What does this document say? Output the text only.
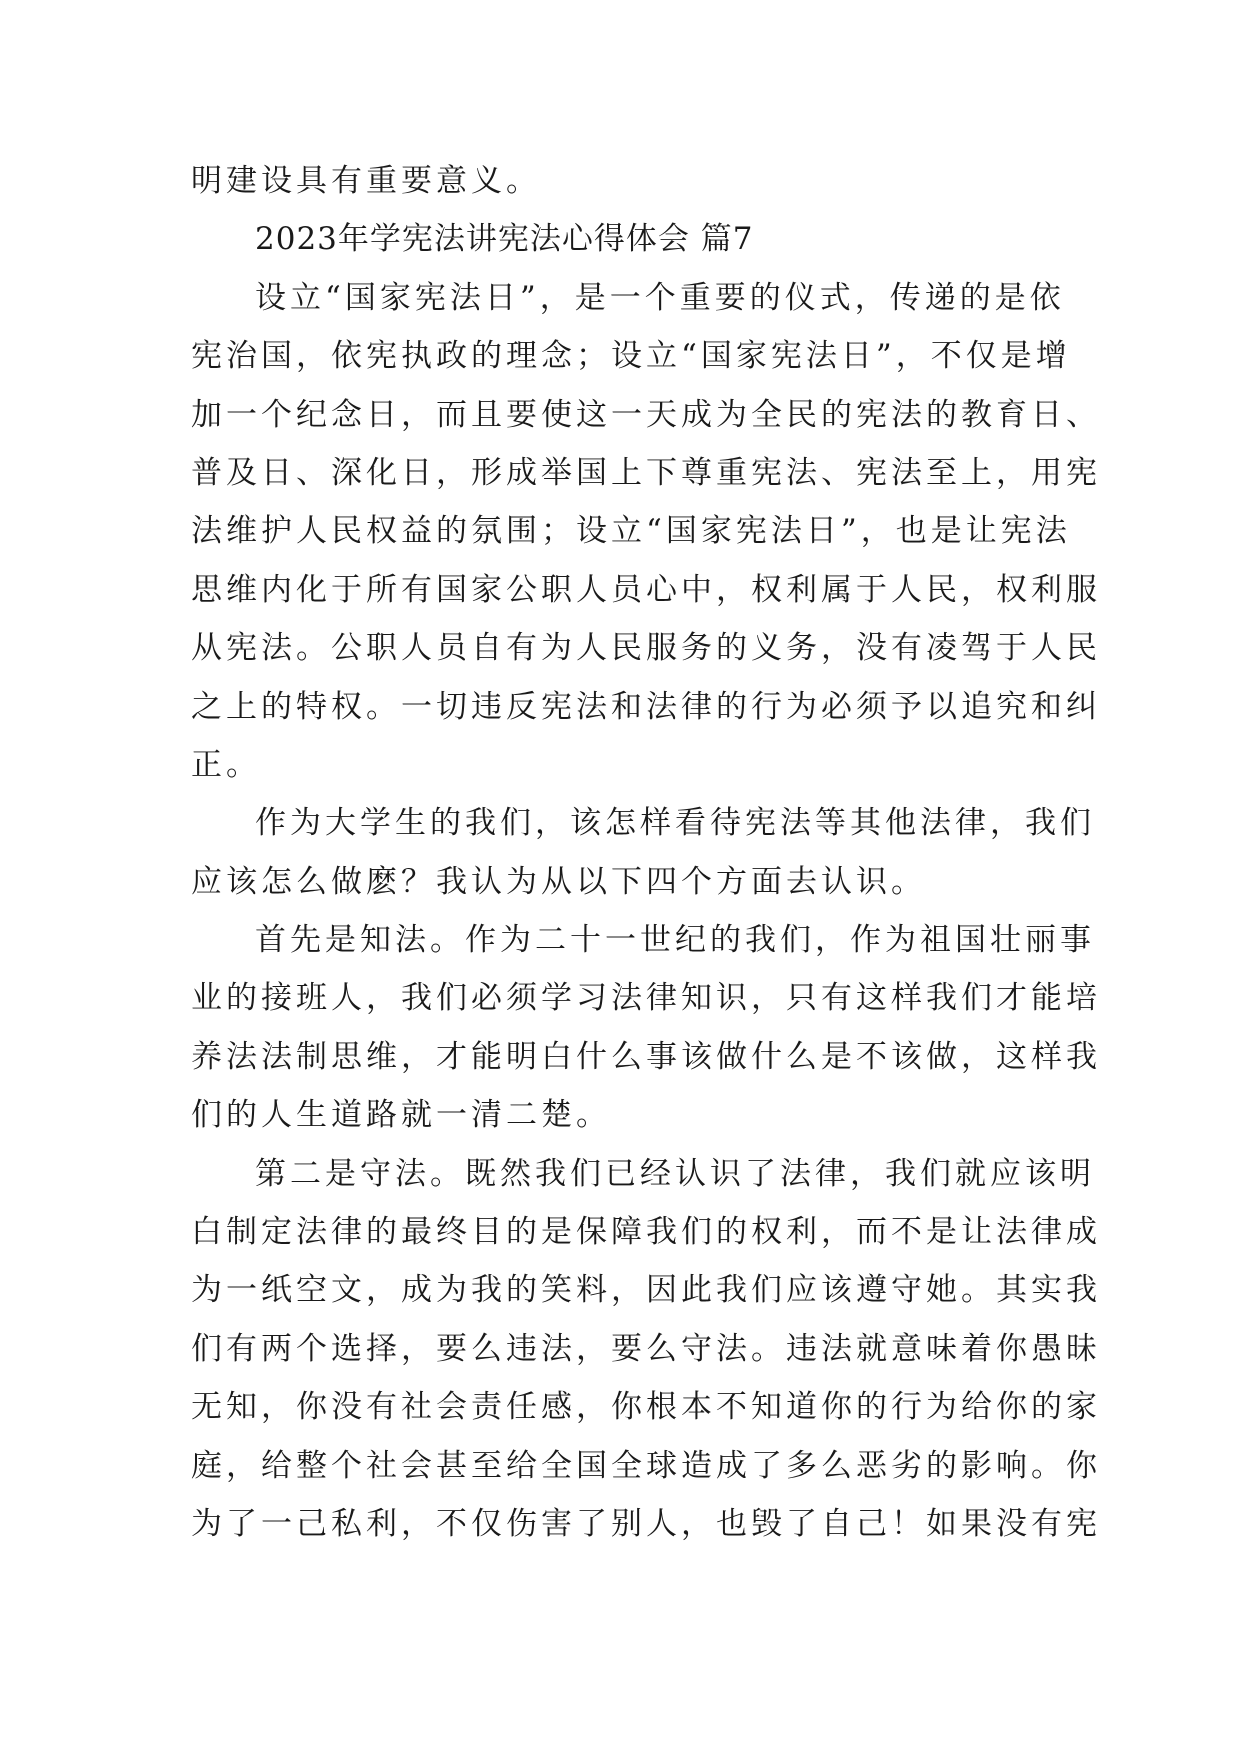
明建设具有重要意义。
2023年学宪法讲宪法心得体会 篇7
设立“国家宪法日”，是一个重要的仪式，传递的是依
宪治国，依宪执政的理念；设立“国家宪法日”，不仅是增
加一个纪念日，而且要使这一天成为全民的宪法的教育日、
普及日、深化日，形成举国上下尊重宪法、宪法至上，用宪
法维护人民权益的氛围；设立“国家宪法日”，也是让宪法
思维内化于所有国家公职人员心中，权利属于人民，权利服
从宪法。公职人员自有为人民服务的义务，没有凌驾于人民
之上的特权。一切违反宪法和法律的行为必须予以追究和纠
正。
作为大学生的我们，该怎样看待宪法等其他法律，我们
应该怎么做麽？我认为从以下四个方面去认识。
首先是知法。作为二十一世纪的我们，作为祖国壮丽事
业的接班人，我们必须学习法律知识，只有这样我们才能培
养法法制思维，才能明白什么事该做什么是不该做，这样我
们的人生道路就一清二楚。
第二是守法。既然我们已经认识了法律，我们就应该明
白制定法律的最终目的是保障我们的权利，而不是让法律成
为一纸空文，成为我的笑料，因此我们应该遵守她。其实我
们有两个选择，要么违法，要么守法。违法就意味着你愚昧
无知，你没有社会责任感，你根本不知道你的行为给你的家
庭，给整个社会甚至给全国全球造成了多么恶劣的影响。你
为了一己私利，不仅伤害了别人，也毁了自己！如果没有宪
